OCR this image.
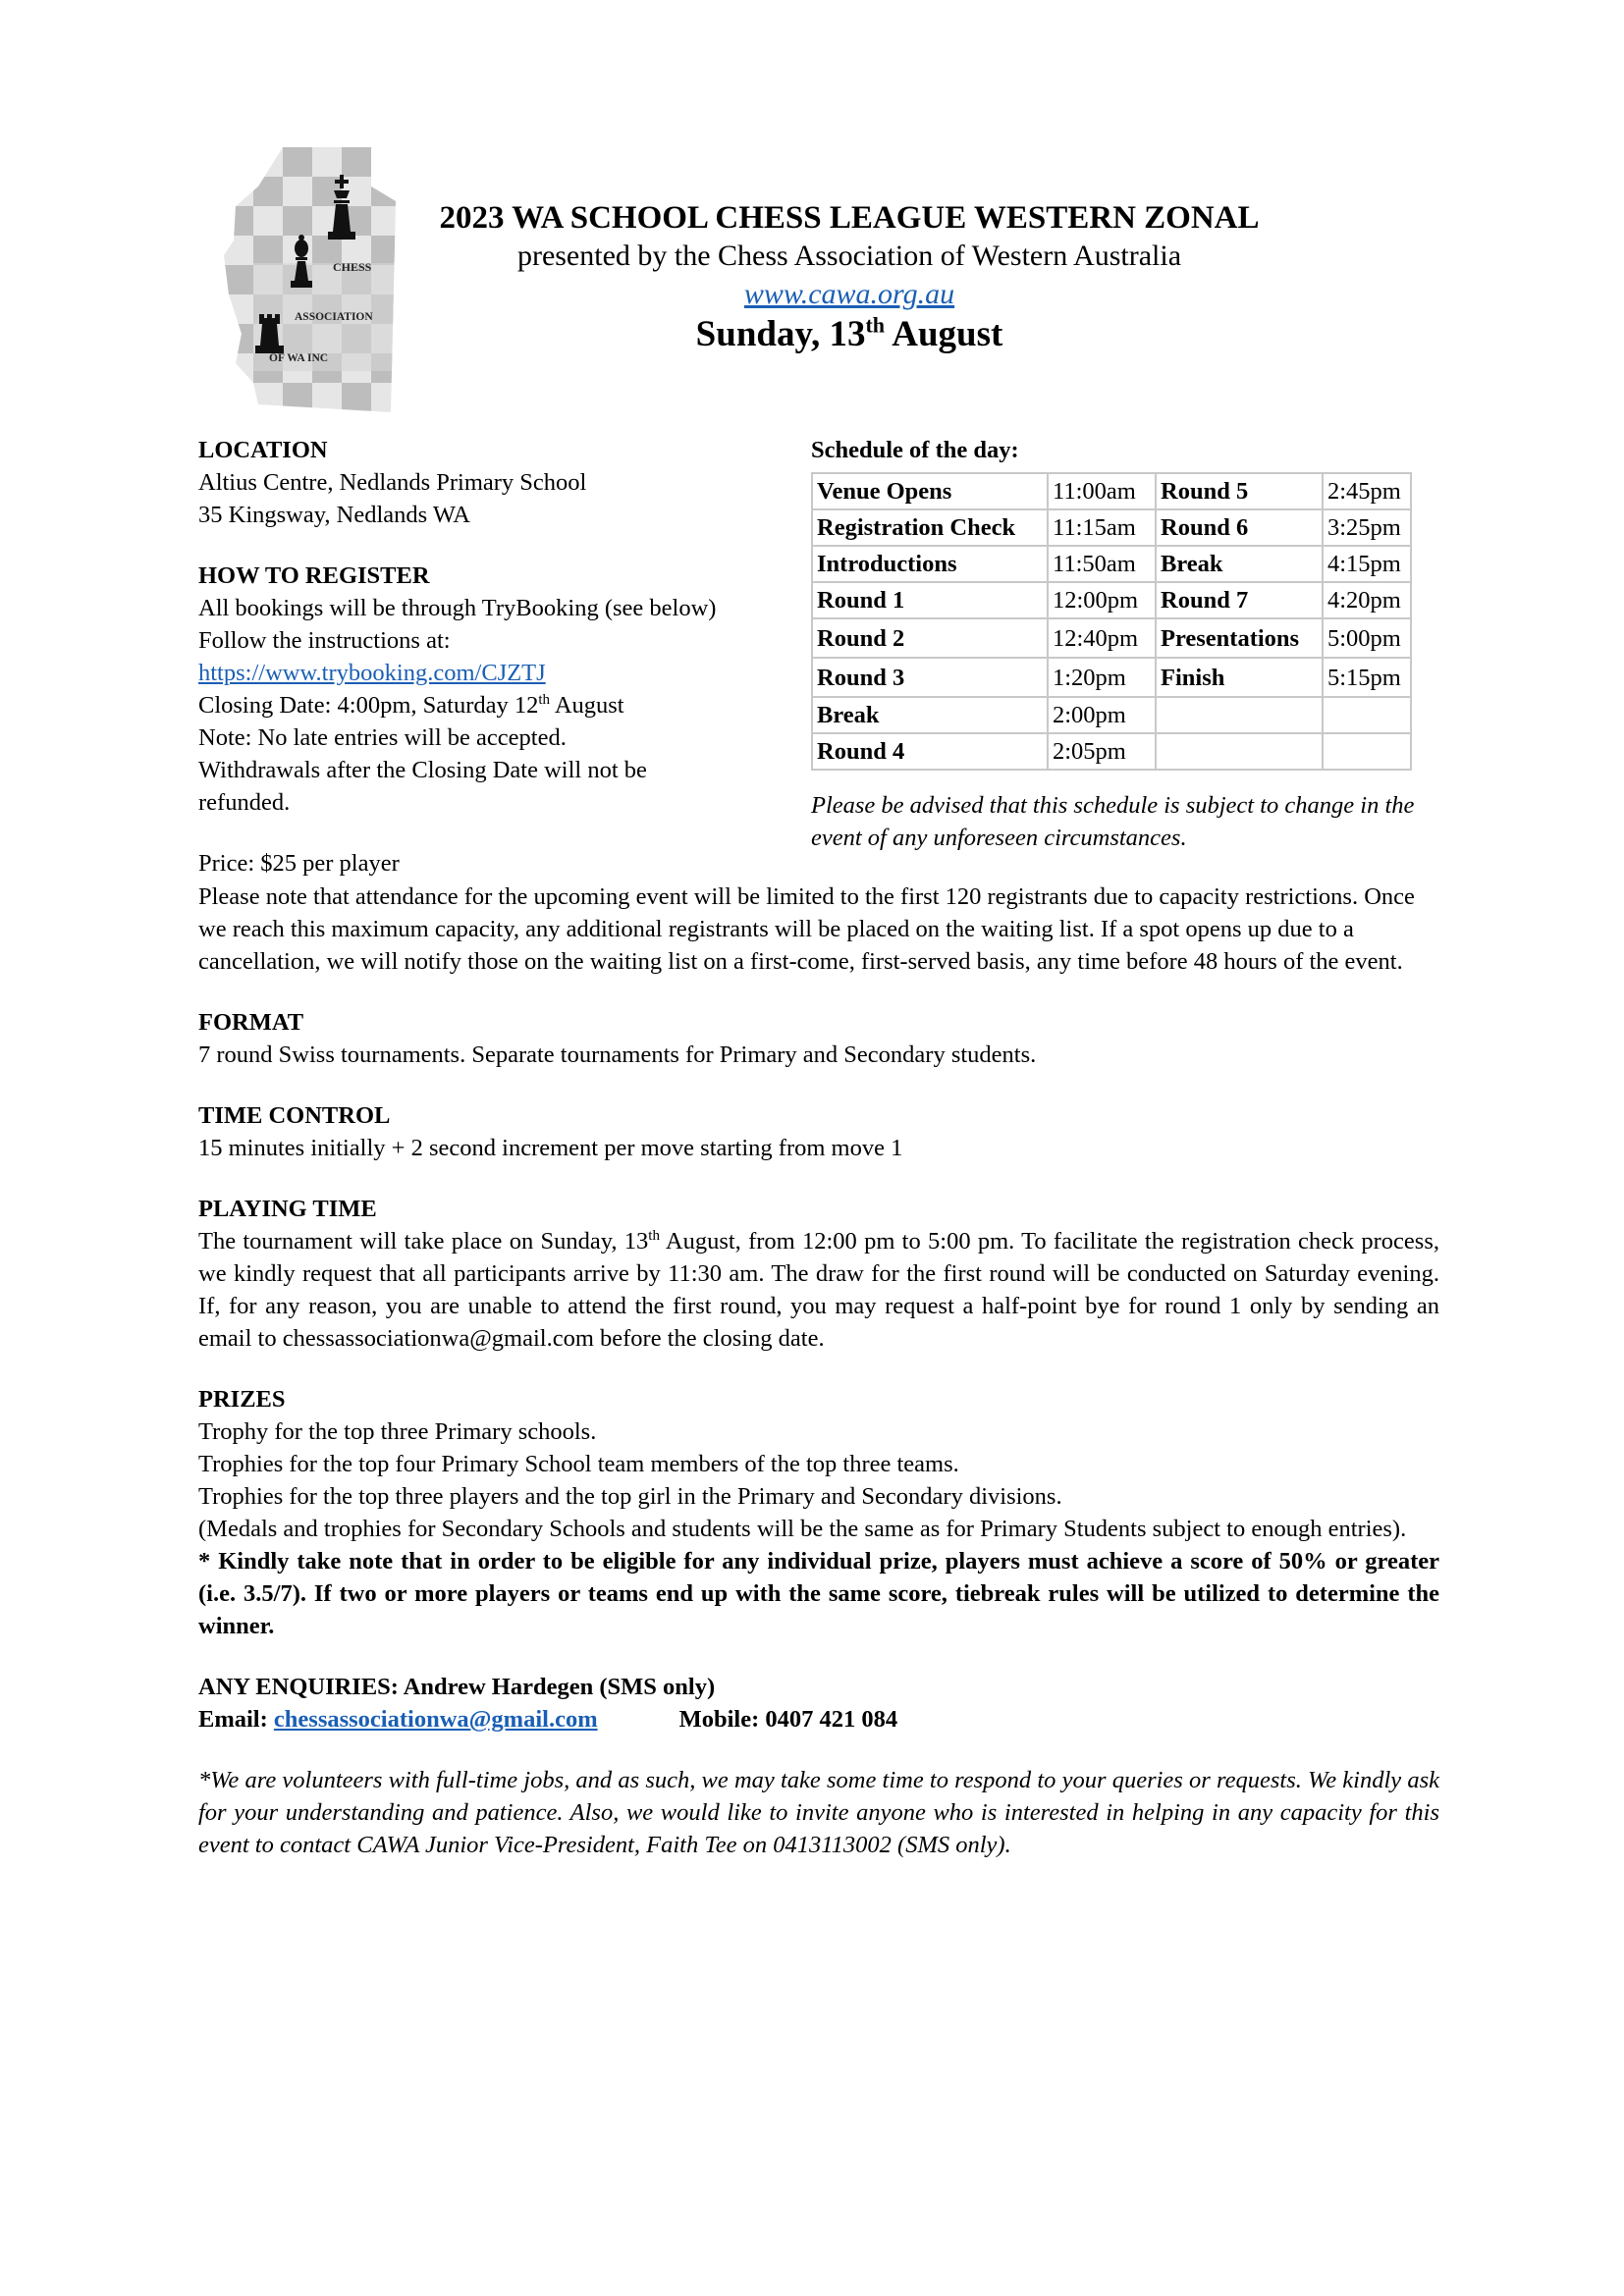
CHESS
ASSOCIATION
OF WA INC
2023 WA SCHOOL CHESS LEAGUE WESTERN ZONAL
presented by the Chess Association of Western Australia
www.cawa.org.au
Sunday, 13th August
LOCATION
Altius Centre, Nedlands Primary School
35 Kingsway, Nedlands WA
HOW TO REGISTER
All bookings will be through TryBooking (see below)
Follow the instructions at:
https://www.trybooking.com/CJZTJ
Closing Date: 4:00pm, Saturday 12th August
Note: No late entries will be accepted.
Withdrawals after the Closing Date will not be refunded.
Price: $25 per player
Schedule of the day:
Venue Opens	11:00am	Round 5	2:45pm
Registration Check	11:15am	Round 6	3:25pm
Introductions	11:50am	Break	4:15pm
Round 1	12:00pm	Round 7	4:20pm
Round 2	12:40pm	Presentations	5:00pm
Round 3	1:20pm	Finish	5:15pm
Break	2:00pm		
Round 4	2:05pm		
Please be advised that this schedule is subject to change in the event of any unforeseen circumstances.
Please note that attendance for the upcoming event will be limited to the first 120 registrants due to capacity restrictions. Once we reach this maximum capacity, any additional registrants will be placed on the waiting list. If a spot opens up due to a cancellation, we will notify those on the waiting list on a first-come, first-served basis, any time before 48 hours of the event.
FORMAT
7 round Swiss tournaments. Separate tournaments for Primary and Secondary students.
TIME CONTROL
15 minutes initially + 2 second increment per move starting from move 1
PLAYING TIME
The tournament will take place on Sunday, 13th August, from 12:00 pm to 5:00 pm. To facilitate the registration check process, we kindly request that all participants arrive by 11:30 am. The draw for the first round will be conducted on Saturday evening. If, for any reason, you are unable to attend the first round, you may request a half-point bye for round 1 only by sending an email to chessassociationwa@gmail.com before the closing date.
PRIZES
Trophy for the top three Primary schools.
Trophies for the top four Primary School team members of the top three teams.
Trophies for the top three players and the top girl in the Primary and Secondary divisions.
(Medals and trophies for Secondary Schools and students will be the same as for Primary Students subject to enough entries).
* Kindly take note that in order to be eligible for any individual prize, players must achieve a score of 50% or greater (i.e. 3.5/7). If two or more players or teams end up with the same score, tiebreak rules will be utilized to determine the winner.
ANY ENQUIRIES: Andrew Hardegen (SMS only)
Email: chessassociationwa@gmail.com	Mobile: 0407 421 084
*We are volunteers with full-time jobs, and as such, we may take some time to respond to your queries or requests. We kindly ask for your understanding and patience. Also, we would like to invite anyone who is interested in helping in any capacity for this event to contact CAWA Junior Vice-President, Faith Tee on 0413113002 (SMS only).
